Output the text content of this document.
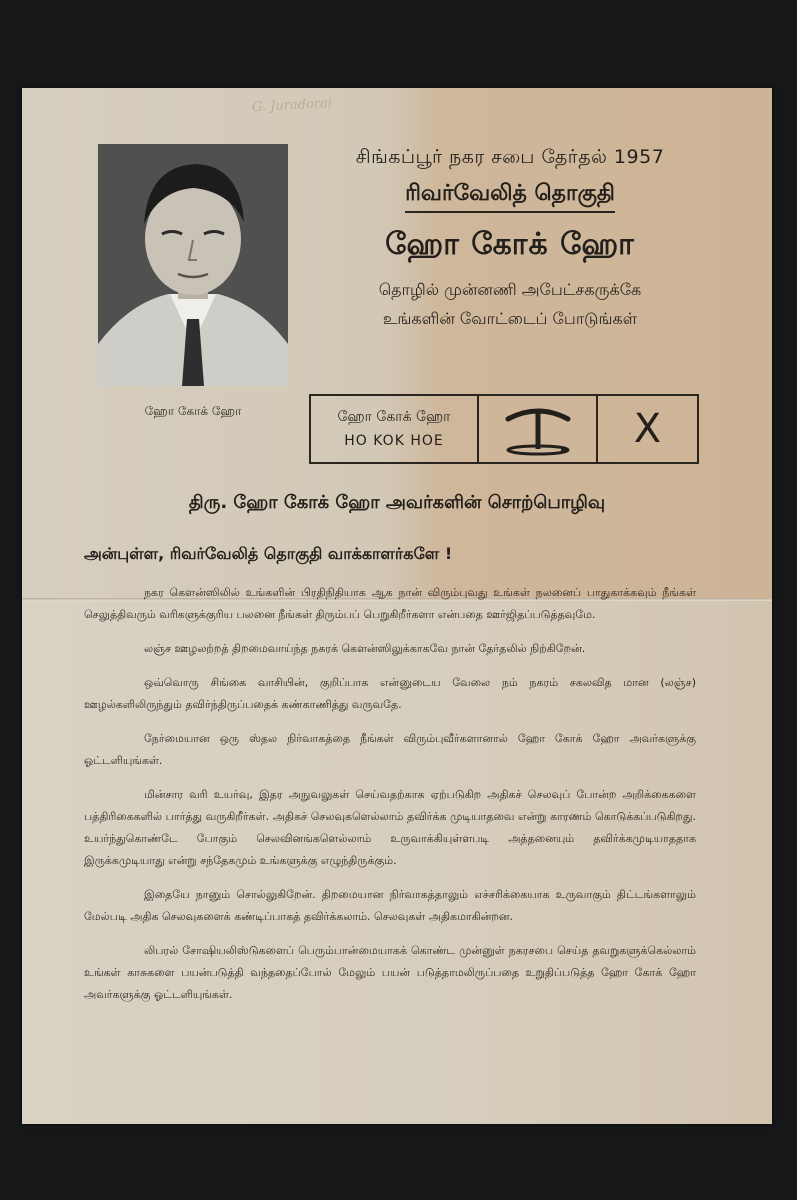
G. Juradorai
ஹோ கோக் ஹோ
சிங்கப்பூர் நகர சபை தேர்தல் 1957
ரிவர்வேலித் தொகுதி
ஹோ கோக் ஹோ
தொழில் முன்னணி அபேட்சகருக்கே
உங்களின் வோட்டைப் போடுங்கள்
ஹோ கோக் ஹோ
HO KOK HOE	X
திரு. ஹோ கோக் ஹோ அவர்களின் சொற்பொழிவு
அன்புள்ள, ரிவர்வேலித் தொகுதி வாக்காளர்களே !

நகர கௌன்ஸிலில் உங்களின் பிரதிநிதியாக ஆக நான் விரும்புவது உங்கள் நலனைப் பாதுகாக்கவும் நீங்கள் செலுத்திவரும் வரிகளுக்குரிய பலனை நீங்கள் திரும்பப் பெறுகிறீர்களா என்பதை ஊர்ஜிதப்படுத்தவுமே.

லஞ்ச ஊழலற்றத் திறமைவாய்ந்த நகரக் கௌன்ஸிலுக்காகவே நான் தேர்தலில் நிற்கிறேன்.

ஒவ்வொரு சிங்கை வாசியின், குறிப்பாக என்னுடைய வேலை நம் நகரம் சகலவித மான (லஞ்ச) ஊழல்களிலிருந்தும் தவிர்ந்திருப்பதைக் கண்காணித்து வருவதே.

நேர்மையான ஒரு ஸ்தல நிர்வாகத்தை நீங்கள் விரும்புவீர்களானால் ஹோ கோக் ஹோ அவர்களுக்கு ஓட்டளியுங்கள்.

மின்சார வரி உயர்வு, இதர அநுவலுகள் செய்வதற்காக ஏற்படுகிற அதிகச் செலவுப் போன்ற அறிக்கைகளை பத்திரிகைகளில் பார்த்து வருகிறீர்கள். அதிகச் செலவுகளெல்லாம் தவிர்க்க முடியாதவை என்று காரணம் கொடுக்கப்படுகிறது. உயர்ந்துகொண்டே போகும் செலவினங்களெல்லாம் உருவாக்கியுள்ளபடி அத்தனையும் தவிர்க்கமுடியாததாக இருக்கமுடியாது என்று சந்தேகமும் உங்களுக்கு எழுந்திருக்கும்.

இதையே நானும் சொல்லுகிறேன். திறமையான நிர்வாகத்தாலும் எச்சரிக்கையாக உருவாகும் திட்டங்களாலும் மேல்படி அதிக செலவுகளைக் கண்டிப்பாகத் தவிர்க்கலாம். செலவுகள் அதிகமாகின்றன.

லிபரல் சோஷியலிஸ்டுகளைப் பெரும்பான்மையாகக் கொண்ட முன்னுள் நகரசபை செய்த தவறுகளுக்கெல்லாம் உங்கள் காசுகளை பயன்படுத்தி வந்ததைப்போல் மேலும் பயன் படுத்தாமலிருப்பதை உறுதிப்படுத்த ஹோ கோக் ஹோ அவர்களுக்கு ஓட்டளியுங்கள்.
